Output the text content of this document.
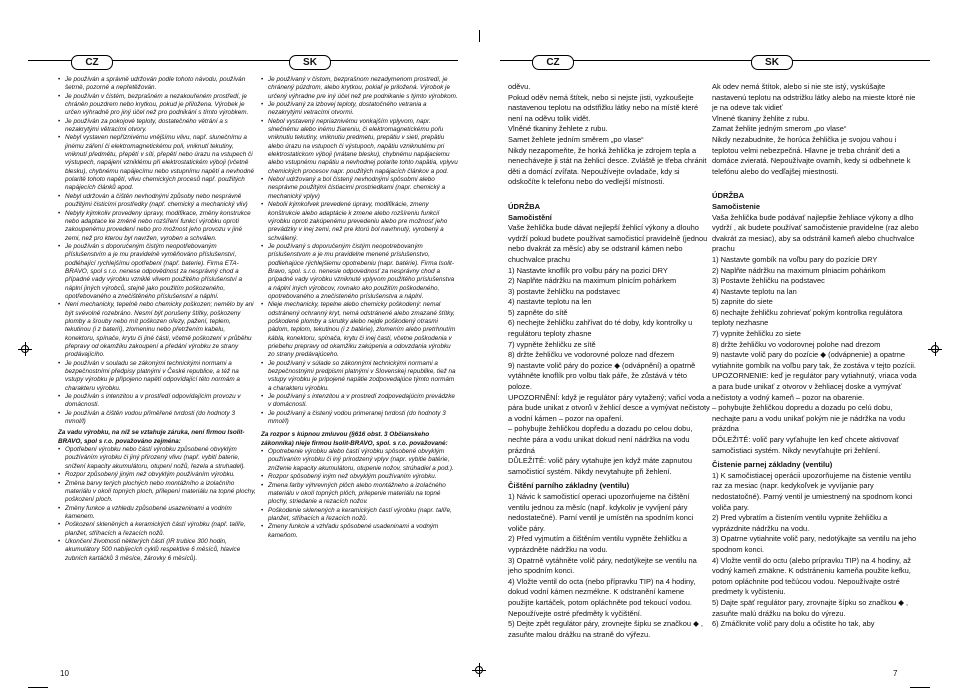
CZ	SK	CZ	SK

• Je používán a správně udržován podle tohoto návodu, používán šetrně, pozorně a nepřetěžován.

• Je používán v čistém, bezprašném a nezakouřeném prostředí, je chráněn pouzdrem nebo krytkou, pokud je přiložena. Výrobek je určen výhradně pro jiný účel než pro podnikání s tímto výrobkem.

• Je používán za pokojové teploty, dostatečného větrání a s nezakrytými větracími otvory.

• Nebyl vystaven nepříznivému vnějšímu vlivu, např. slunečnímu a jinému záření či elektromagnetickému poli, vniknutí tekutiny, vniknutí předmětu, přepětí v síti, přepětí nebo úrazu na vstupech či výstupech, napájení vzniklému při elektrostatickém výboji (včetně blesku), chybnému napájecímu nebo vstupnímu napětí a nevhodné polaritě tohoto napětí, vlivu chemických procesů např. použitých napájecích článků apod.

• Nebyl udržován a čištěn nevhodnými způsoby nebo nesprávně použitými čisticími prostředky (např. chemický a mechanický vliv)

• Nebyly kýmkoliv provedeny úpravy, modifikace, změny konstrukce nebo adaptace ke změně nebo rozšíření funkcí výrobku oproti zakoupenému provedení nebo pro možnost jeho provozu v jiné zemi, než pro kterou byl navržen, vyroben a schválen.

• Je používán s doporučeným čistým neopotřebovaným příslušenstvím a je mu pravidelně vyměňováno příslušenství, podléhající rychlejšímu opotřebení (např. baterie). Firma ETA-BRAVO, spol s r.o. nenese odpovědnost za nesprávný chod a případné vady výrobku vzniklé vlivem použitého příslušenství a náplní jiných výrobců, stejně jako použitím poškozeného, opotřebovaného a znečištěného příslušenství a náplní.

• Není mechanicky, tepelně nebo chemicky poškozen; nemělo by ani být svévolně rozebráno. Nesmí být porušeny štítky, poškozeny plomby a šrouby nebo mít poškozen ořezy, pažení, teplem, tekutinou (i z baterií), zlomeninu nebo přetržením kabelu, konektoru, spínače, krytu či jiné části, včetně poškození v průběhu přepravy od okamžiku zakoupení a předání výrobku ze strany prodávajícího.

• Je používán v souladu se zákonými technickými normami a bezpečnostními předpisy platnými v České republice, a též na vstupy výrobku je připojeno napětí odpovídající této normám a charakteru výrobku.

• Je používán s intenzitou a v prostředí odpovídajícím provozu v domácnosti.

• Je používán a čištěn vodou přiměřené tvrdosti (do hodnoty 3 mmol/l)

Za vadu výrobku, na níž se vztahuje záruka, není firmou Isolit-BRAVO, spol s r.o. považováno zejména:

• Opotřebení výrobku nebo částí výrobku způsobené obvyklým používáním výrobku či jiný přirozený vlivu (např. vybití baterie, snížení kapacity akumulátoru, otupení nožů, řezela a struhadel).

• Rozpor způsobený jiným než obvyklým používáním výrobku.

• Změna barvy terých plochých nebo montážního a izolačního materiálu v okolí topných ploch, přilepení materiálu na topné plochy, poškození ploch.

• Změny funkce a vzhledu způsobené usazeninami a vodním kamenem.

• Poškození skleněných a keramických částí výrobku (např. talíře, planžet, střihacích a řezacích nožů.

• Ukončení životnosti některých částí (IR trubice 300 hodin, akumulátory 500 nabíjecích cyklů respektive 6 měsíců, hlavice zubních kartáčků 3 měsíce, žárovky 6 měsíců).

• Je používaný v čistom, bezprašnom nezadymenom prostredí, je chránený púzdrom, alebo krytkou, pokiaľ je priložená. Výrobok je určený výhradne pre iný účel než pre podnikanie s týmto výrobkom.

• Je používaný za izbovej teploty, dostatočného vetrania a nezakrytými vetracími otvormi.

• Nebol vystavený nepriaznivému vonkajším vplyvom, napr. slnečnému alebo inému žiareniu, či elektromagnetickému poľu vniknutiu tekutiny, vniknutiu predmetu, prepätiu v sieti, prepätiu alebo úrazu na vstupoch či výstupoch, napätiu vzniknutému pri elektrostatickom výboji (vrátane blesku), chybnému napájaciemu alebo vstupnému napätiu a nevhodnej polarite tohto napätia, vplyvu chemických procesov napr. použitých napájacích článkov a pod.

• Nebol udržovaný a bol čistený nevhodnými spôsobmi alebo nesprávne použitými čistiacimi prostriedkami (napr. chemický a mechanický vplyv)

• Nebolii kýmkoľvek prevedené úpravy, modifikácie, zmeny konštrukcie alebo adaptácie k zmene alebo rozšíreniu funkcií výrobku oproti zakúpenému prevedeniu alebo pre možnosť jeho prevádzky v inej zemi, než pre ktorú bol navrhnutý, vyrobený a schválený.

• Je používaný s doporučeným čistým neopotrebovaným príslušenstvom a je mu pravidelne menené príslušenstvo, podliehajúce rýchlejšiemu opotrebeniu (napr. batérie). Firma Isolit-Bravo, spol. s.r.o. nenesie odpovednosť za nesprávny chod a prípadné vady výrobku vzniknuté vplyvom použitého príslušenstva a náplní iných výrobcov, rovnako ako použitím poškodeného, opotrebovaného a znečisteného príslušenstva a náplní.

• Nieje mechanicky, tepelne alebo chemicky poškodený: nemal odstránený ochranný kryt, nemá odstránené alebo zmazané štítky, poškodené plomby a skrutky alebo nejde poškodený otrasmi pádom, teplom, tekutinou (i z batérie), zlomením alebo pretrhnutím kábla, konektoru, spínača, krytu či inej časti, včetne poškodenia v priebehu prepravy od okamžiku zakúpenia a odovzdania výrobku zo strany predávajúceho.

• Je používaný v súlade so zákonnými technickými normami a bezpečnostnými predpismi platnými v Slovenskej republike, tiež na vstupy výrobku je pripojené napätie zodpovedajúce týmto normám a charakteru výrobku.

• Je používaný s intenzitou a v prostredí zodpovedajúcim prevádzke v domácnosti.

• Je používaný a čistený vodou primeranej tvrdosti (do hodnoty 3 mmol/l)

Za rozpor s kúpnou zmluvou (§616 obst. 3 Občianskeho zákonníka) nieje firmou Isolit-BRAVO, spol. s r.o. považované:

• Opotrebenie výrobku alebo častí výrobku spôsobené obvyklým používaním výrobku či iný prirodzený vplyv (napr. vybitie batérie, zníženie kapacity akumulátoru, otupenie nožov, strúhadiel a pod.).

• Rozpor spôsobený iným než obvyklým používaním výrobku.

• Zmena farby výhrevných plôch alebo montážneho a izolačného materiálu v okolí topných plôch, prilepenie materiálu na topné plochy, striedanie a rezacích nožov.

• Poškodenie sklenených a keramických častí výrobku (napr. talíře, planžet, střihacích a řezacích nožů.

• Zmeny funkcie a vzhľadu spôsobené usadeninami a vodným kameňom.

oděvu.

Pokud oděv nemá štítek, nebo si nejste jisti, vyzkoušejte nastavenou teplotu na odstřižku látky nebo na místě které není na oděvu tolik vidět.

Vlněné tkaniny žehlete z rubu.

Samet žehlete jedním směrem „po vlase“

Nikdy nezapomeňte, že horká žehlička je zdrojem tepla a nenechávejte ji stát na žehlicí desce. Zvláště je třeba chránit děti a domácí zvířata. Nepoužívejte ovladače, kdy si odskočíte k telefonu nebo do vedlejší místnosti.

ÚDRŽBA

Samočistění

Vaše žehlička bude dávat nejlepší žehlicí výkony a dlouho vydrží pokud budete používat samočisticí pravidelně (jednou nebo dvakrát za měsíc) aby se odstranil kámen nebo chuchvalce prachu

1) Nastavte knoflík pro volbu páry na pozici DRY

2) Naplňte nádržku na maximum plnicím pohárkem

3) postavte žehličku na podstavec

4) nastavte teplotu na len

5) zapněte do sítě

6) nechejte žehličku zahřívat do té doby, kdy kontrolky u regulátoru teploty zhasne

7) vypněte žehličku ze sítě

8) držte žehličku ve vodorovné poloze nad dřezem

9) nastavte volič páry do pozice ◆ (odvápnění) a opatrně vytáhněte knoflík pro volbu tlak páře, že zůstává v této poloze.

UPOZORNĚNÍ: když je regulátor páry vytažený; vařicí voda a pára bude unikat z otvorů v žehlicí desce a vymývat nečistoty a vodní kámen – pozor na opaření.

– pohybujte žehličkou dopředu a dozadu po celou dobu, nechte pára a vodu unikat dokud není nádržka na vodu prázdná

DŮLEŽITÉ: volič páry vytahujte jen když máte zapnutou samočisticí systém. Nikdy nevytahujte při žehlení.

Čištění parního základny (ventilu)

1) Návic k samočisticí operaci upozorňujeme na čištění ventilu jednou za měsíc (např. kdykoliv je vyvíjení páry nedostatečné). Parní ventil je umístěn na spodním konci voliče páry.

2) Před vyjmutím a čištěním ventilu vypněte žehličku a vyprázdněte nádržku na vodu.

3) Opatrně vytáhněte volič páry, nedotýkejte se ventilu na jeho spodním konci.

4) Vložte ventil do octa (nebo přípravku TIP) na 4 hodiny, dokud vodní kámen nezmékne. K odstranění kamene použijte kartáček, potom opláchněte pod tekoucí vodou. Nepoužívejte ostré předměty k vyčištění.

5) Dejte zpět regulátor páry, zrovnejte šipku se značkou ◆ , zasuňte malou drážku na straně do výřezu.

Ak odev nemá štítok, alebo si nie ste istý, vyskúšajte nastavenú teplotu na odstrižku látky alebo na mieste ktoré nie je na odeve tak vidieť

Vlnené tkaniny žehlite z rubu.

Zamat žehlite jedným smerom „po vlase“

Nikdy nezabudnite, že horúca žehlička je svojou vahou i teplotou velmi nebezpečná. Hlavne je treba chrániť deti a domáce zvieratá. Nepoužívajte ovamih, kedy si odbehnete k telefónu alebo do vedľajšej miestnosti.

ÚDRŽBA

Samočistenie

Vaša žehlička bude podávať najlepšie žehliace výkony a dlho vydrží , ak budete používať samočistenie pravidelne (raz alebo dvakrát za mesiac), aby sa odstránil kameň alebo chuchvalce prachu

1) Nastavte gombík na voľbu pary do pozície DRY

2) Naplňte nádržku na maximum plniacim pohárikom

3) Postavte žehličku na podstavec

4) Nastavte teplotu na lan

5) zapnite do siete

6) nechajte žehličku zohrievať pokým kontrolka regulátora teploty nezhasne

7) vypnite žehličku zo siete

8) držte žehličku vo vodorovnej polohe nad drezom

9) nastavte volič pary do pozície ◆ (odvápnenie) a opatrne vytiahnite gombík na voľbu pary tak, že zostáva v tejto pozícii.

UPOZORNENIE: keď je regulátor pary vytiahnutý, vriaca voda a para bude unikať z otvorov v žehliacej doske a vymývať nečistoty a vodný kameň – pozor na obarenie.

– pohybujte žehličkou dopredu a dozadu po celú dobu, nechajte paru a vodu unikať pokým nie je nádržka na vodu prázdna

DÔLEŽITÉ: volič pary vyťahujte len keď chcete aktivovať samočistiaci systém. Nikdy nevyťahujte pri žehlení.

Čistenie parnej základny (ventilu)

1) K samočistiacej operácii upozorňujeme na čistenie ventilu raz za mesiac (napr. kedykoľvek je vyvíjanie pary nedostatočné). Parný ventil je umiestnený na spodnom konci voliča pary.

2) Pred vybratím a čistením ventilu vypnite žehličku a vyprázdnite nádržku na vodu.

3) Opatrne vytiahnite volič pary, nedotýkajte sa ventilu na jeho spodnom konci.

4) Vložte ventil do octu (alebo prípravku TIP) na 4 hodiny, až vodný kameň zmäkne. K odstráneniu kameňa použite kefku, potom opláchnite pod tečúcou vodou. Nepoužívajte ostré predmety k vyčisteniu.

5) Dajte späť regulátor pary, zrovnajte šípku so značkou ◆ , zasuňte malú drážku na boku do výrezu.

6) Zmáčknite volič pary dolu a očistite ho tak, aby

10	7
